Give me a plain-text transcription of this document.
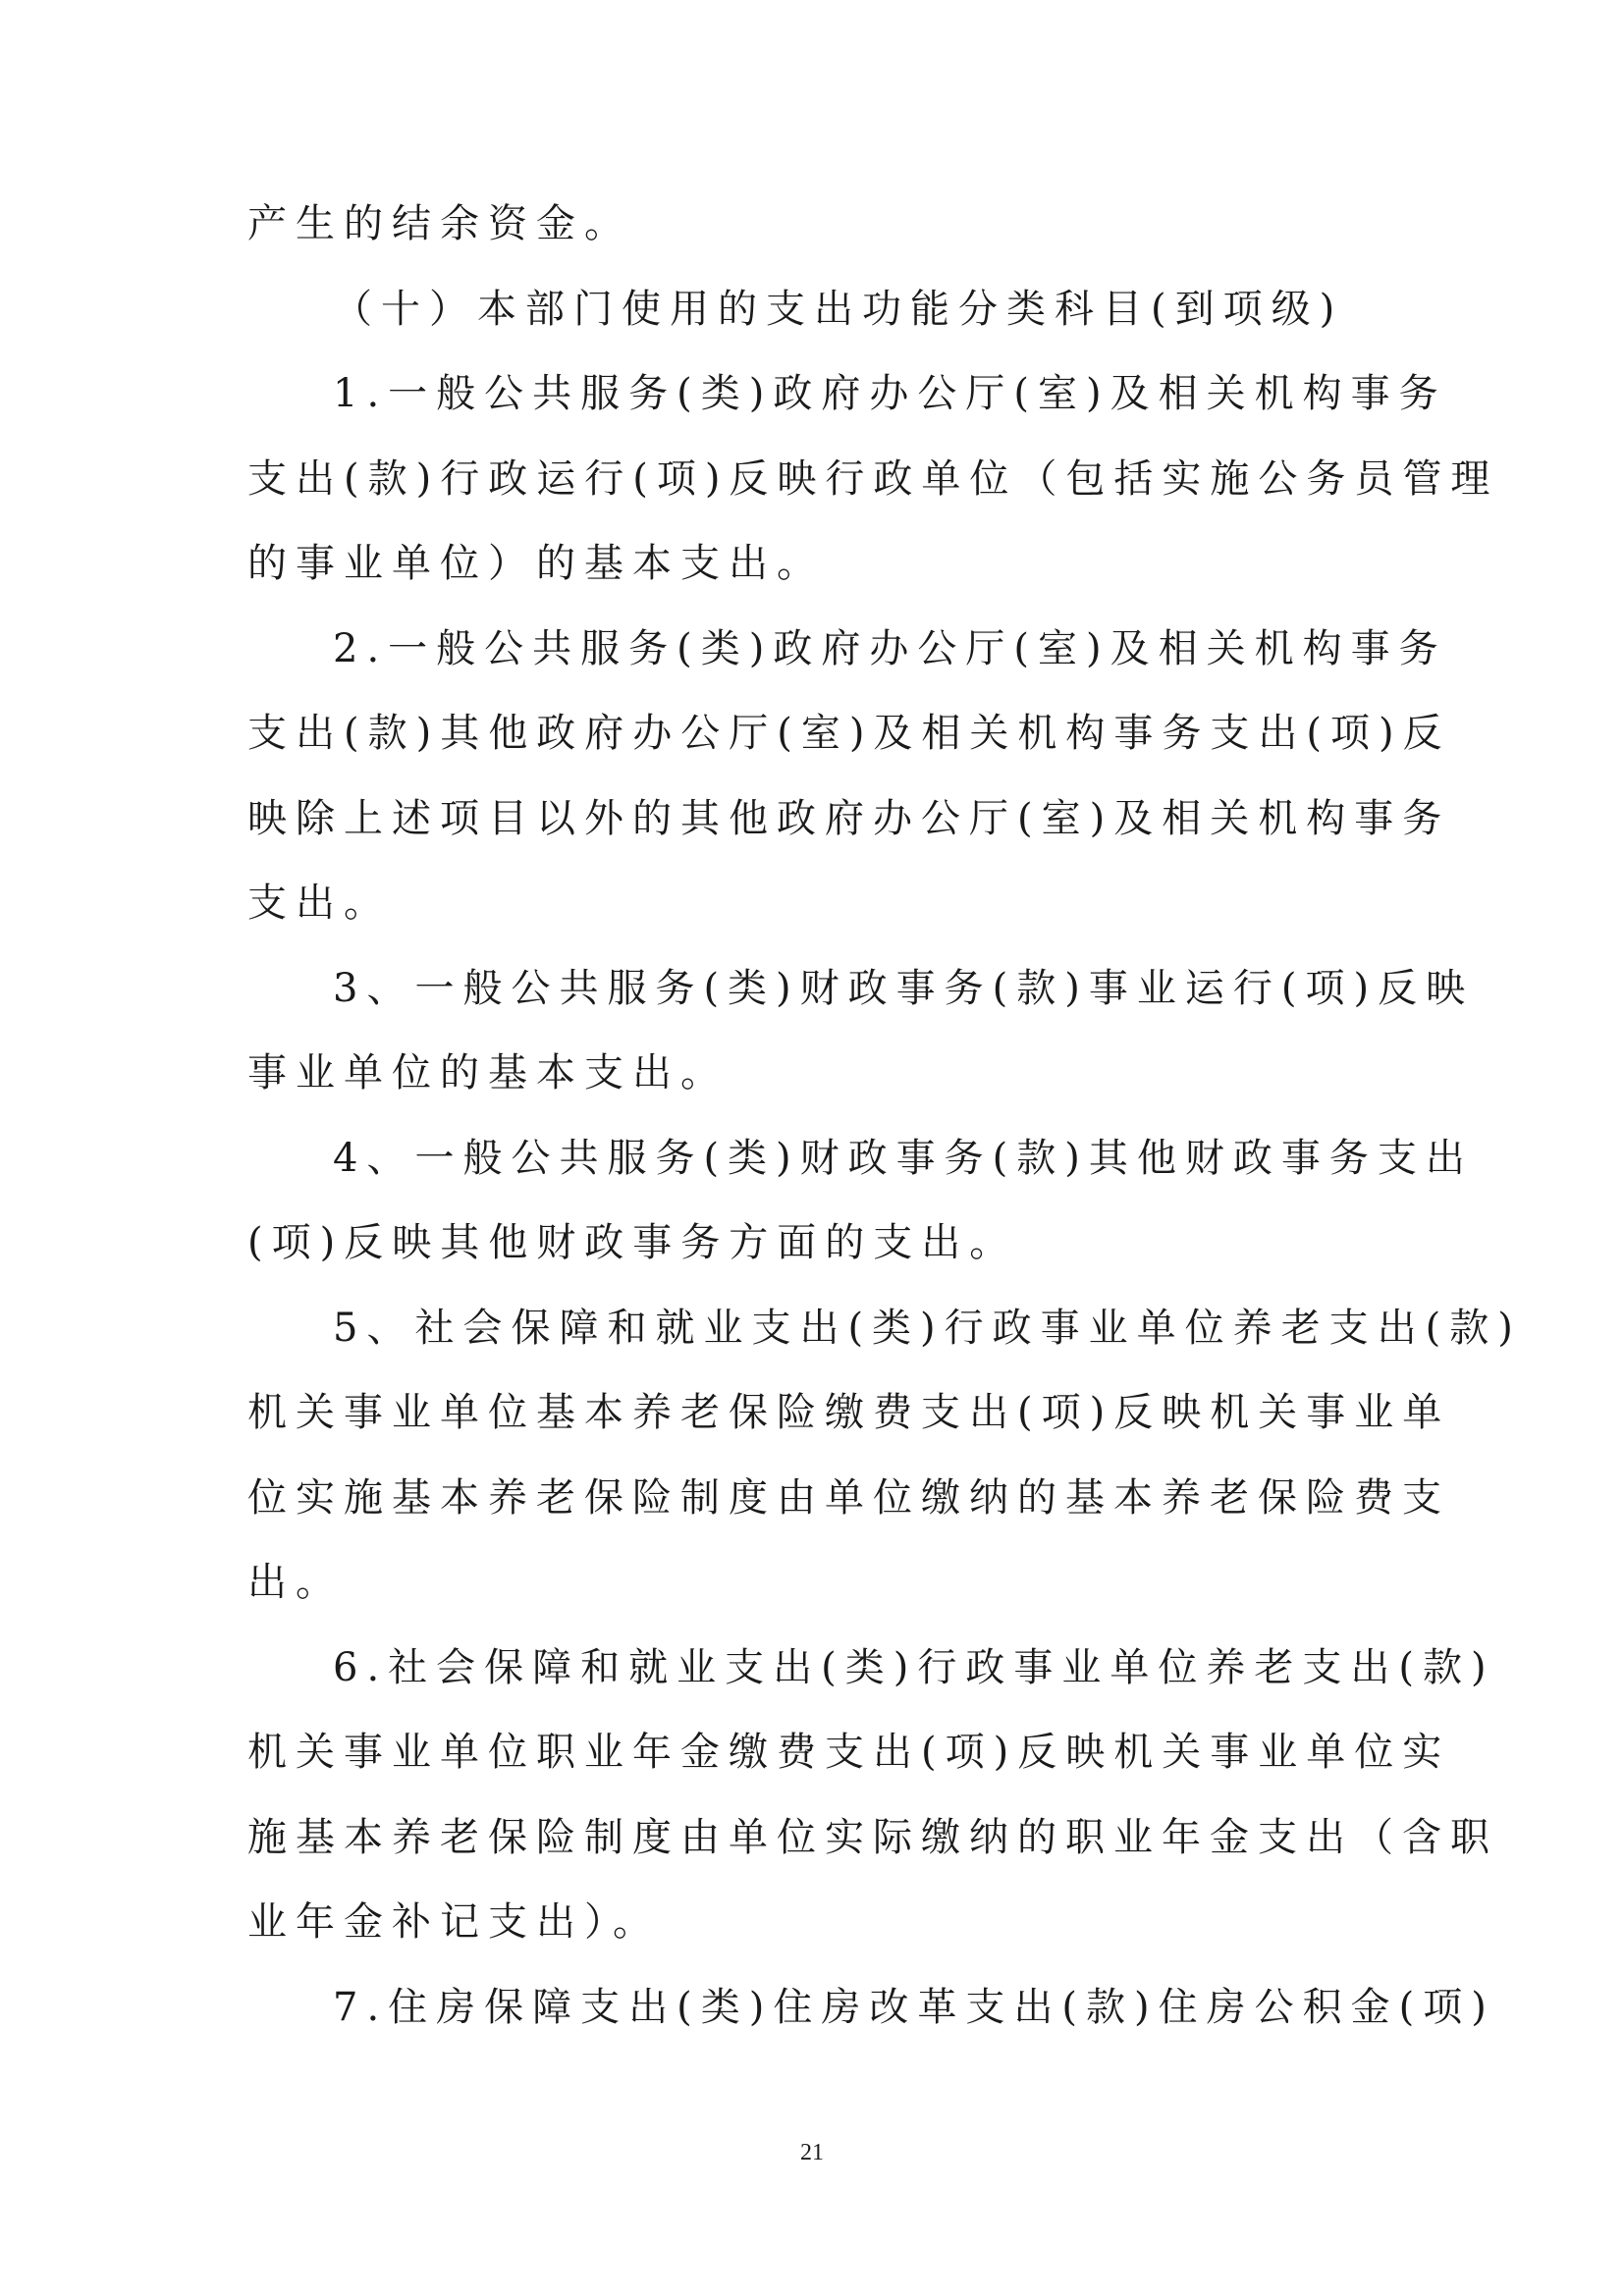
产生的结余资金。
（十）本部门使用的支出功能分类科目(到项级)
1.一般公共服务(类)政府办公厅(室)及相关机构事务
支出(款)行政运行(项)反映行政单位（包括实施公务员管理
的事业单位）的基本支出。
2.一般公共服务(类)政府办公厅(室)及相关机构事务
支出(款)其他政府办公厅(室)及相关机构事务支出(项)反
映除上述项目以外的其他政府办公厅(室)及相关机构事务
支出。
3、一般公共服务(类)财政事务(款)事业运行(项)反映
事业单位的基本支出。
4、一般公共服务(类)财政事务(款)其他财政事务支出
(项)反映其他财政事务方面的支出。
5、社会保障和就业支出(类)行政事业单位养老支出(款)
机关事业单位基本养老保险缴费支出(项)反映机关事业单
位实施基本养老保险制度由单位缴纳的基本养老保险费支
出。
6.社会保障和就业支出(类)行政事业单位养老支出(款)
机关事业单位职业年金缴费支出(项)反映机关事业单位实
施基本养老保险制度由单位实际缴纳的职业年金支出（含职
业年金补记支出）。
7.住房保障支出(类)住房改革支出(款)住房公积金(项)
21
